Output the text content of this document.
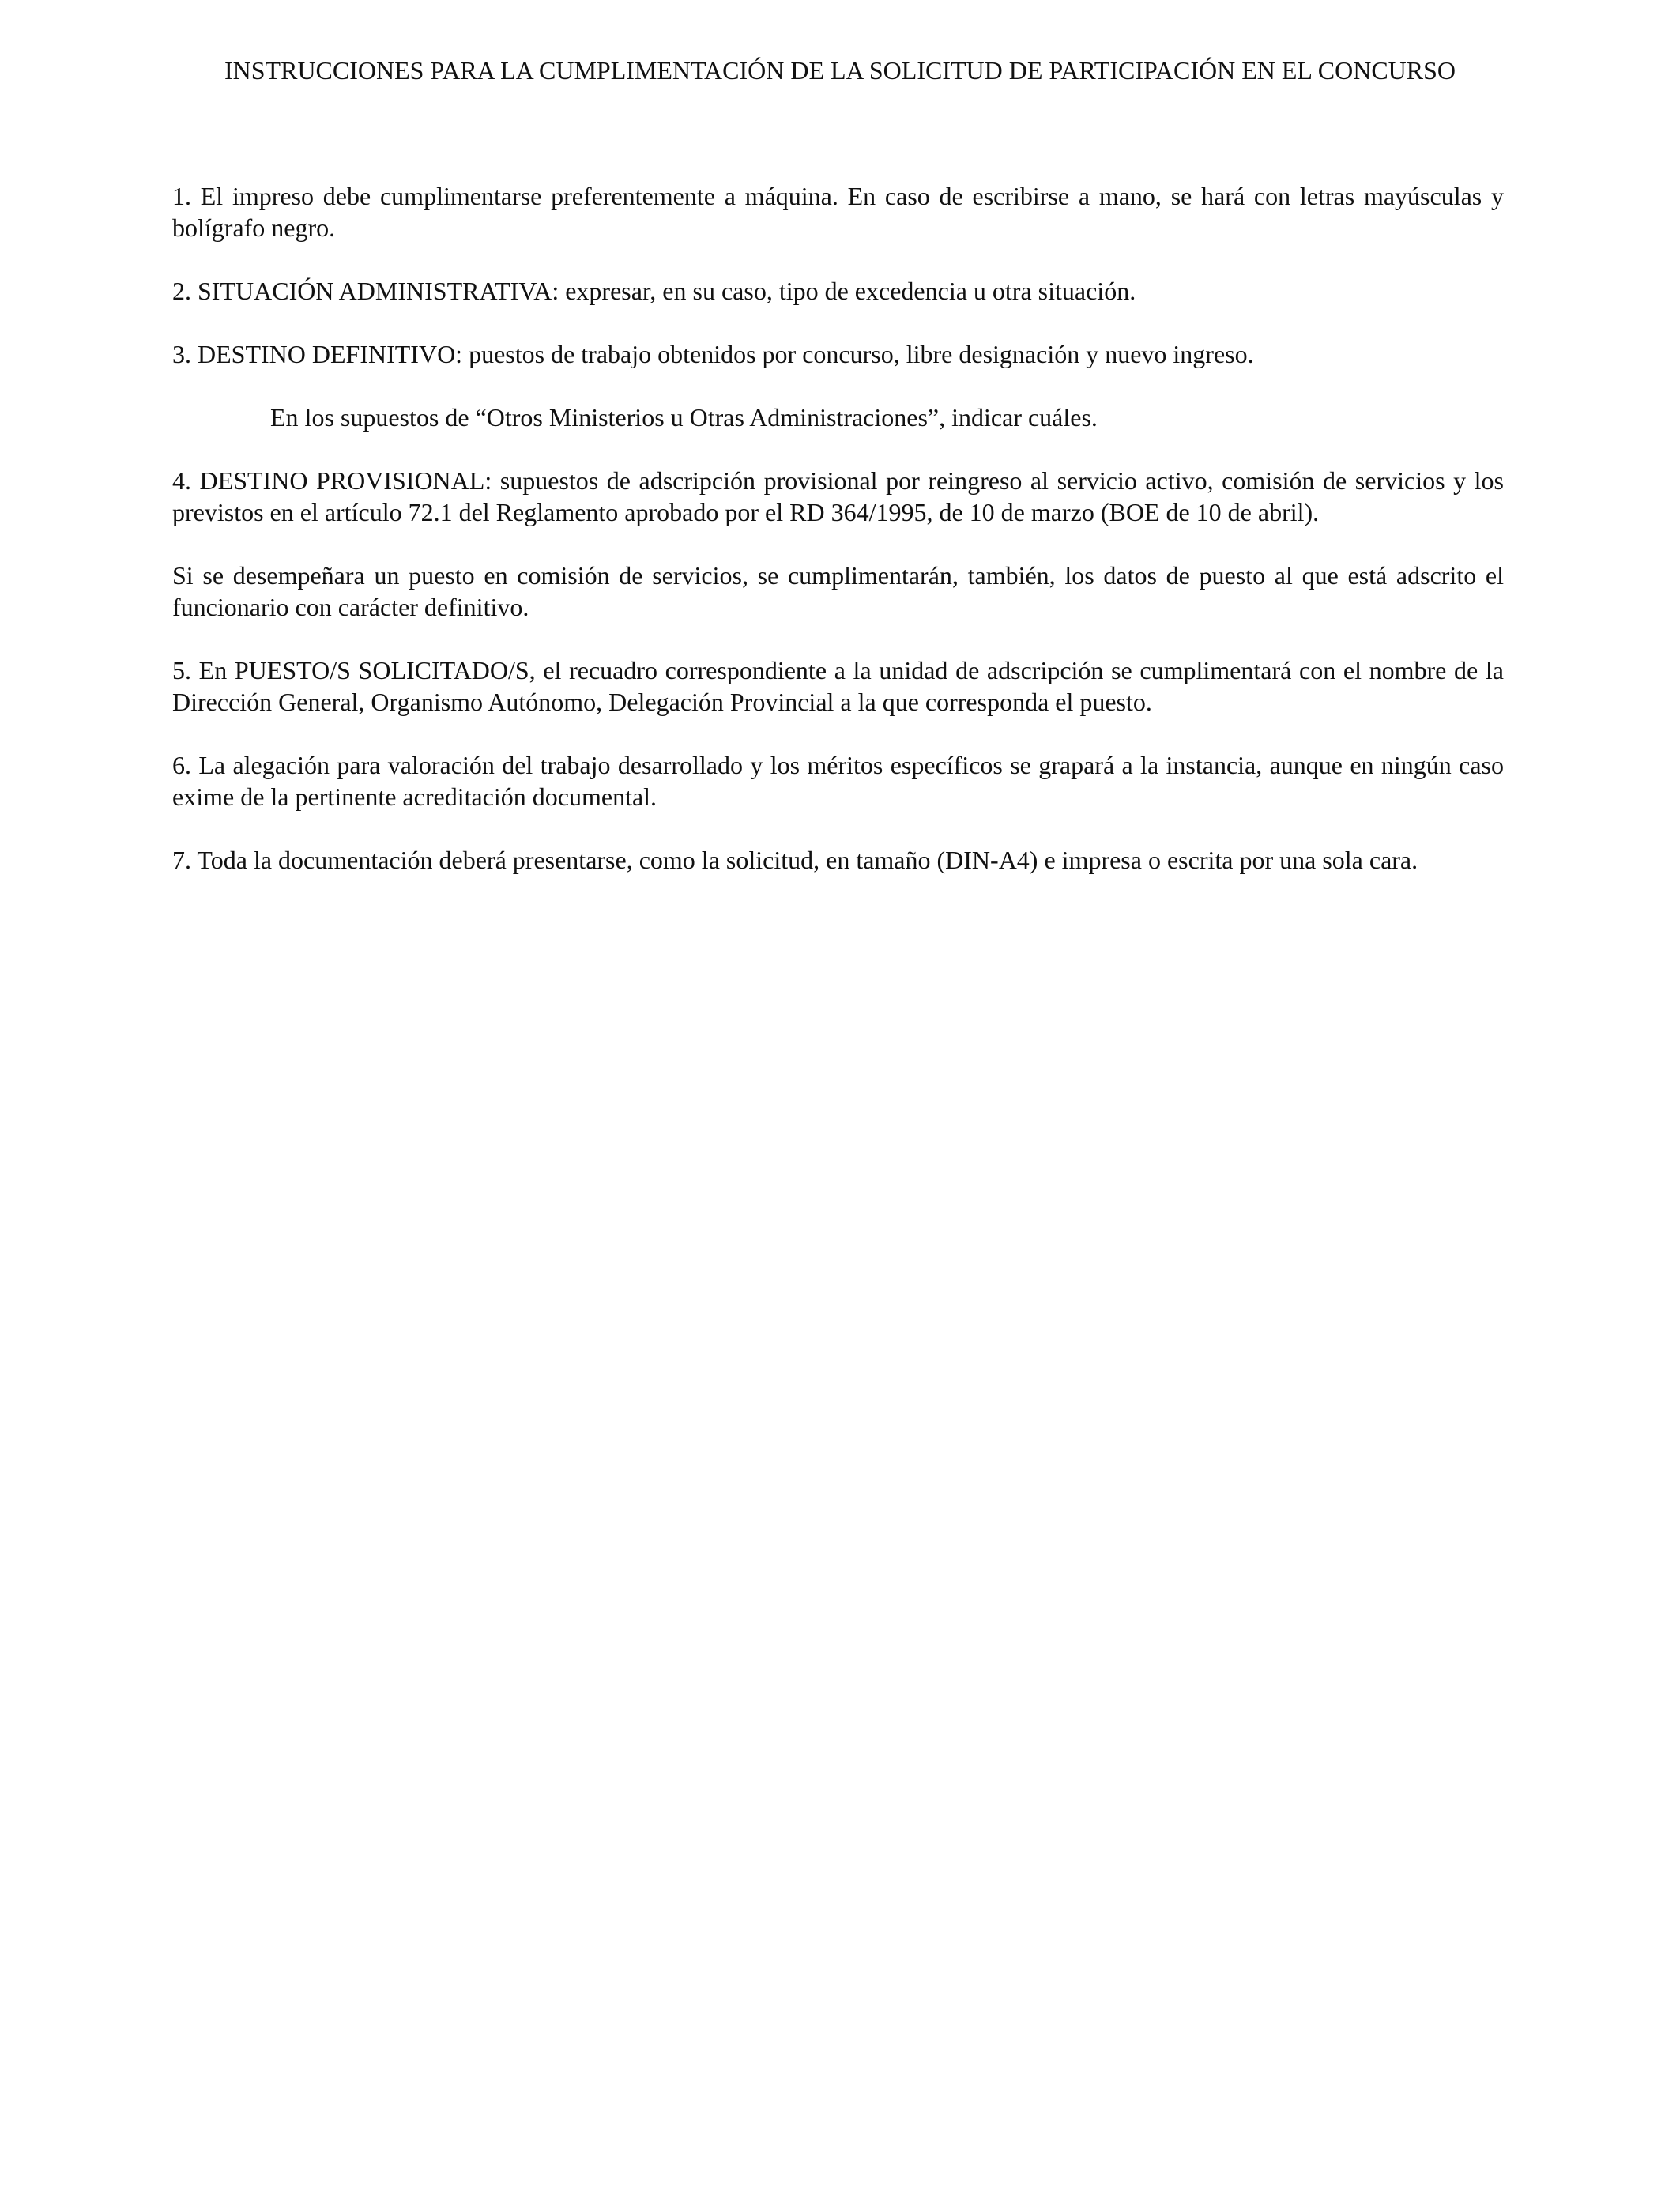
INSTRUCCIONES PARA LA CUMPLIMENTACIÓN DE LA SOLICITUD DE PARTICIPACIÓN EN EL CONCURSO

1. El impreso debe cumplimentarse preferentemente a máquina. En caso de escribirse a mano, se hará con letras mayúsculas y bolígrafo negro.

2. SITUACIÓN ADMINISTRATIVA: expresar, en su caso, tipo de excedencia u otra situación.

3. DESTINO DEFINITIVO: puestos de trabajo obtenidos por concurso, libre designación y nuevo ingreso.

En los supuestos de “Otros Ministerios u Otras Administraciones”, indicar cuáles.

4. DESTINO PROVISIONAL: supuestos de adscripción provisional por reingreso al servicio activo, comisión de servicios y los previstos en el artículo 72.1 del Reglamento aprobado por el RD 364/1995, de 10 de marzo (BOE de 10 de abril).

Si se desempeñara un puesto en comisión de servicios, se cumplimentarán, también, los datos de puesto al que está adscrito el funcionario con carácter definitivo.

5. En PUESTO/S SOLICITADO/S, el recuadro correspondiente a la unidad de adscripción se cumplimentará con el nombre de la Dirección General, Organismo Autónomo, Delegación Provincial a la que corresponda el puesto.

6. La alegación para valoración del trabajo desarrollado y los méritos específicos se grapará a la instancia, aunque en ningún caso exime de la pertinente acreditación documental.

7. Toda la documentación deberá presentarse, como la solicitud, en tamaño (DIN-A4) e impresa o escrita por una sola cara.
